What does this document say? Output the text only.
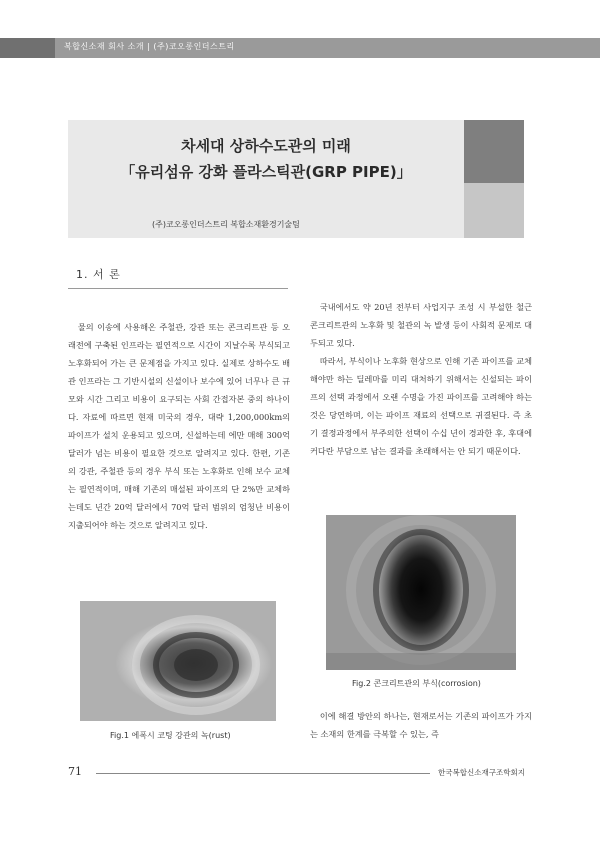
복합신소재 회사 소개 | (주)코오롱인더스트리
차세대 상하수도관의 미래
「유리섬유 강화 플라스틱관(GRP PIPE)」
(주)코오롱인더스트리 복합소재환경기술팀
1. 서 론

물의 이송에 사용해온 주철관, 강관 또는 콘크리트관 등 오래전에 구축된 인프라는 필연적으로 시간이 지날수록 부식되고 노후화되어 가는 큰 문제점을 가지고 있다. 실제로 상하수도 배관 인프라는 그 기반시설의 신설이나 보수에 있어 너무나 큰 규모와 시간 그리고 비용이 요구되는 사회 간접자본 중의 하나이다. 자료에 따르면 현재 미국의 경우, 대략 1,200,000km의 파이프가 설치 운용되고 있으며, 신설하는데 에만 매해 300억 달러가 넘는 비용이 필요한 것으로 알려지고 있다. 한편, 기존의 강관, 주철관 등의 경우 부식 또는 노후화로 인해 보수 교체는 필연적이며, 매해 기존의 매설된 파이프의 단 2%만 교체하는데도 년간 20억 달러에서 70억 달러 범위의 엄청난 비용이 지출되어야 하는 것으로 알려지고 있다.

Fig.1 에폭시 코팅 강관의 녹(rust)

국내에서도 약 20년 전부터 사업지구 조성 시 부설한 철근콘크리트관의 노후화 및 철관의 녹 발생 등이 사회적 문제로 대두되고 있다.

따라서, 부식이나 노후화 현상으로 인해 기존 파이프를 교체해야만 하는 딜레마를 미리 대처하기 위해서는 신설되는 파이프의 선택 과정에서 오랜 수명을 가진 파이프를 고려해야 하는 것은 당연하며, 이는 파이프 재료의 선택으로 귀결된다. 즉 초기 결정과정에서 부주의한 선택이 수십 년이 경과한 후, 후대에 커다란 부담으로 남는 결과를 초래해서는 안 되기 때문이다.

Fig.2 콘크리트관의 부식(corrosion)

이에 해결 방안의 하나는, 현재로서는 기존의 파이프가 가지는 소재의 한계를 극복할 수 있는, 즉

71	한국복합신소재구조학회지
